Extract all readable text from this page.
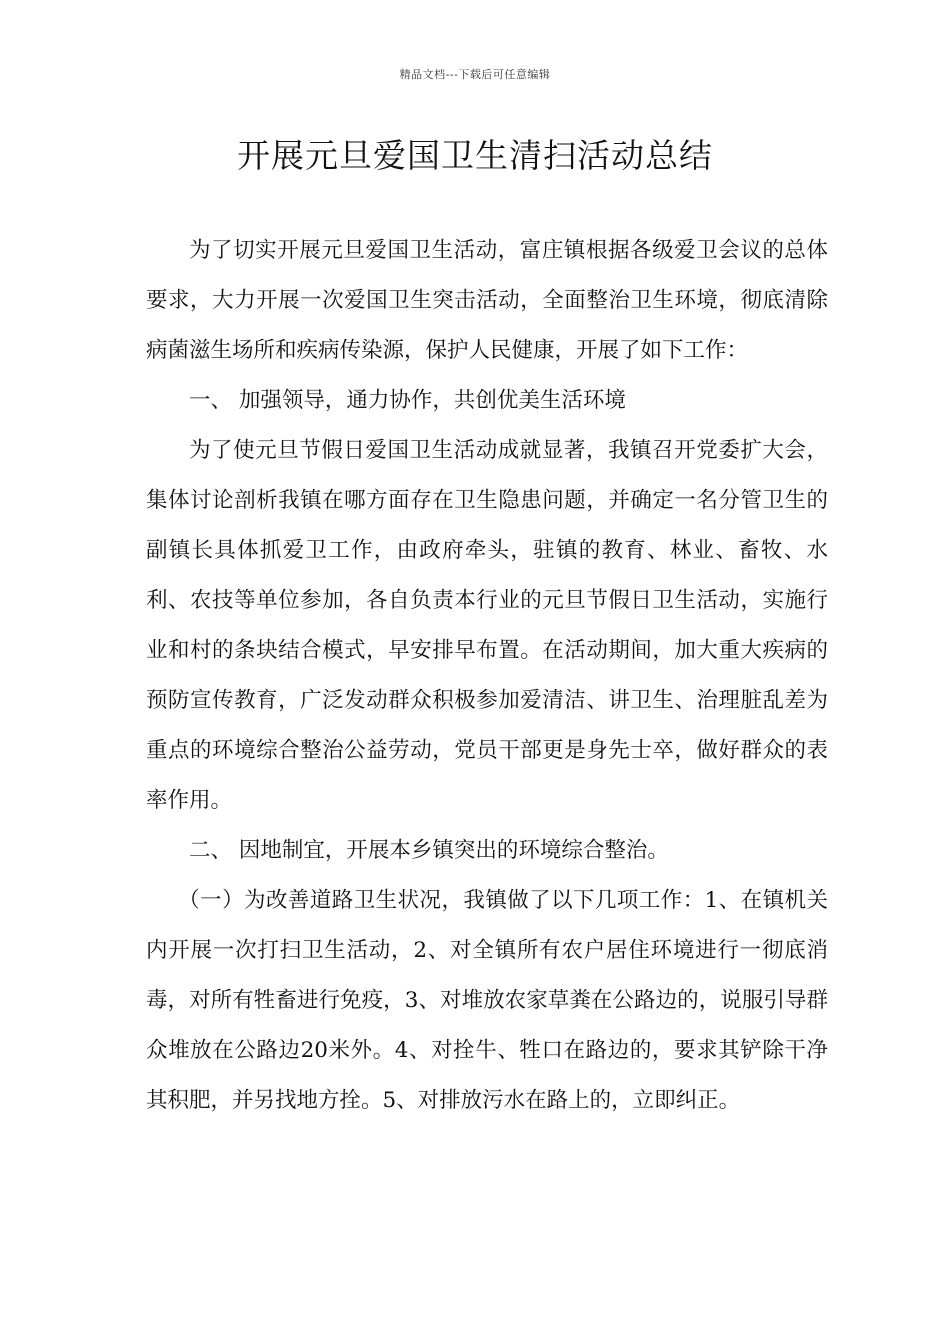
精品文档---下载后可任意编辑
开展元旦爱国卫生清扫活动总结

为了切实开展元旦爱国卫生活动，富庄镇根据各级爱卫会议的总体要求，大力开展一次爱国卫生突击活动，全面整治卫生环境，彻底清除病菌滋生场所和疾病传染源，保护人民健康，开展了如下工作：

一、 加强领导，通力协作，共创优美生活环境

为了使元旦节假日爱国卫生活动成就显著，我镇召开党委扩大会，集体讨论剖析我镇在哪方面存在卫生隐患问题，并确定一名分管卫生的副镇长具体抓爱卫工作，由政府牵头，驻镇的教育、林业、畜牧、水利、农技等单位参加，各自负责本行业的元旦节假日卫生活动，实施行业和村的条块结合模式，早安排早布置。在活动期间，加大重大疾病的预防宣传教育，广泛发动群众积极参加爱清洁、讲卫生、治理脏乱差为重点的环境综合整治公益劳动，党员干部更是身先士卒，做好群众的表率作用。

二、 因地制宜，开展本乡镇突出的环境综合整治。

（一）为改善道路卫生状况，我镇做了以下几项工作：1、在镇机关内开展一次打扫卫生活动，2、对全镇所有农户居住环境进行一彻底消毒，对所有牲畜进行免疫，3、对堆放农家草粪在公路边的，说服引导群众堆放在公路边20米外。4、对拴牛、牲口在路边的，要求其铲除干净其积肥，并另找地方拴。5、对排放污水在路上的，立即纠正。
